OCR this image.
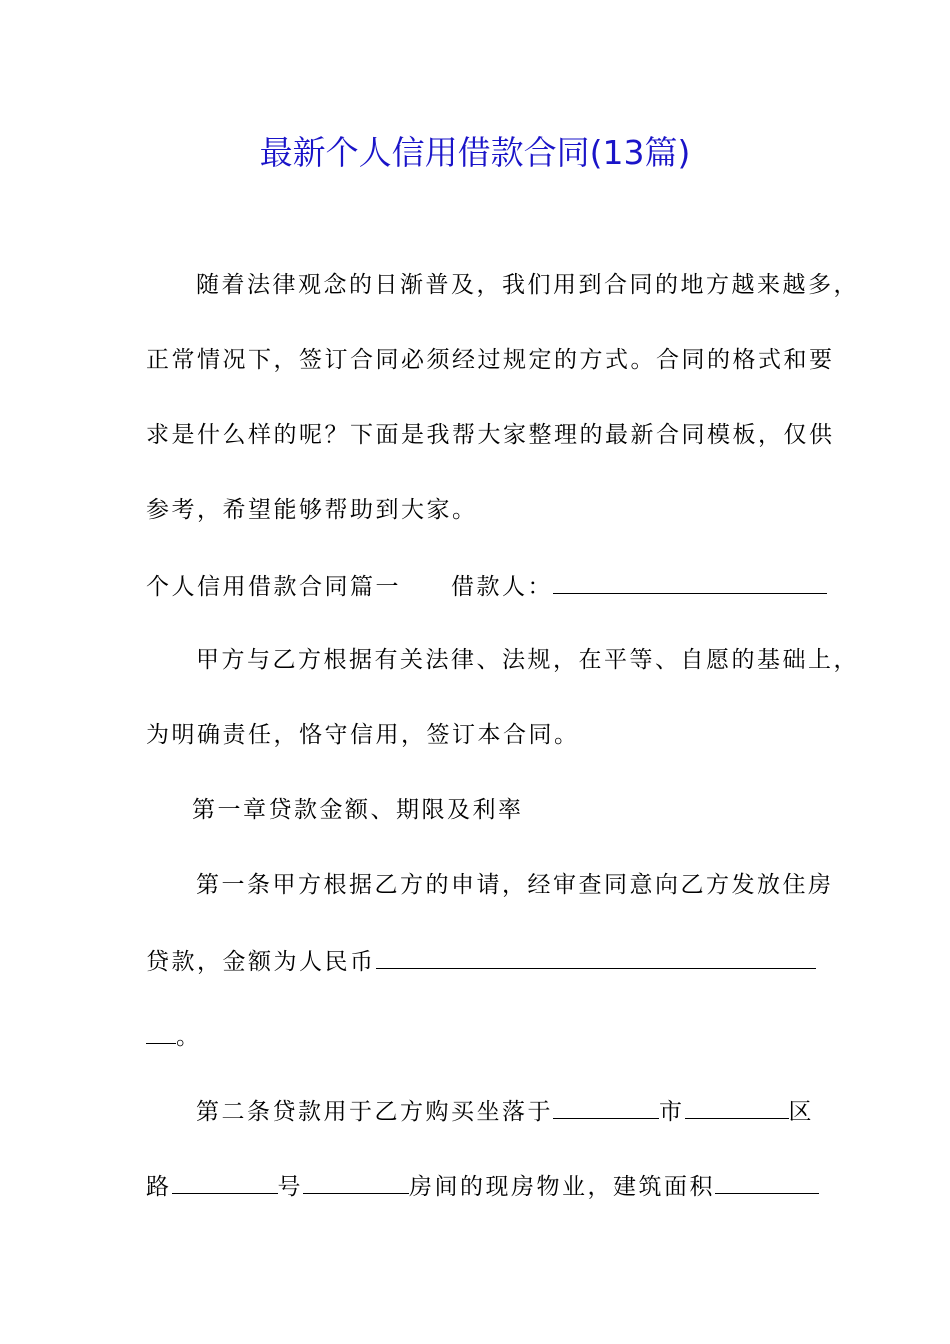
最新个人信用借款合同(13篇)
随着法律观念的日渐普及，我们用到合同的地方越来越多，
正常情况下，签订合同必须经过规定的方式。合同的格式和要
求是什么样的呢？下面是我帮大家整理的最新合同模板，仅供
参考，希望能够帮助到大家。
个人信用借款合同篇一 借款人：
甲方与乙方根据有关法律、法规，在平等、自愿的基础上，
为明确责任，恪守信用，签订本合同。
第一章贷款金额、期限及利率
第一条甲方根据乙方的申请，经审查同意向乙方发放住房
贷款，金额为人民币
。
第二条贷款用于乙方购买坐落于	市	区
路	号	房间的现房物业，建筑面积
